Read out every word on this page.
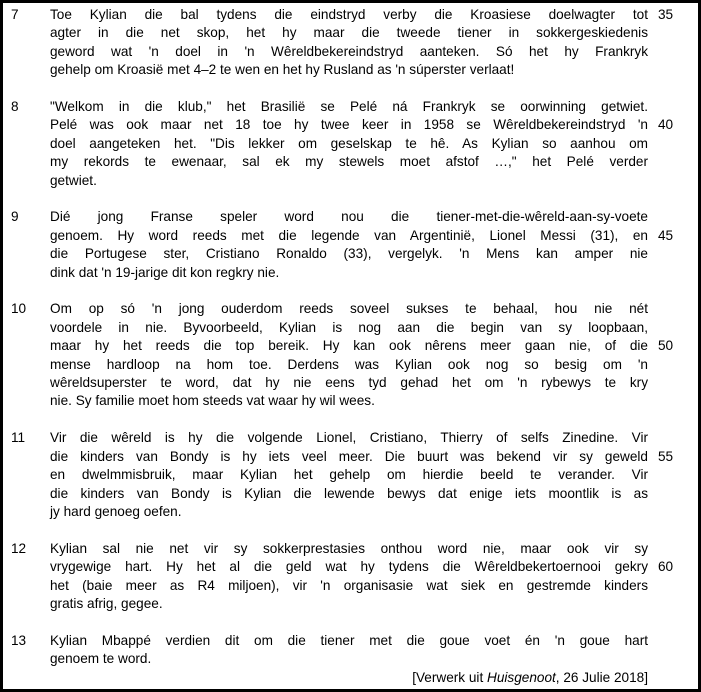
7	Toe Kylian die bal tydens die eindstryd verby die Kroasiese doelwagter tot
agter in die net skop, het hy maar die tweede tiener in sokkergeskiedenis
geword wat 'n doel in 'n Wêreldbekereindstryd aanteken. Só het hy Frankryk
gehelp om Kroasië met 4–2 te wen en het hy Rusland as 'n súperster verlaat!
35
8	"Welkom in die klub," het Brasilië se Pelé ná Frankryk se oorwinning getwiet.
Pelé was ook maar net 18 toe hy twee keer in 1958 se Wêreldbekereindstryd 'n
doel aangeteken het. "Dis lekker om geselskap te hê. As Kylian so aanhou om
my rekords te ewenaar, sal ek my stewels moet afstof …," het Pelé verder
getwiet.
40
9	Dié jong Franse speler word nou die tiener-met-die-wêreld-aan-sy-voete
genoem. Hy word reeds met die legende van Argentinië, Lionel Messi (31), en
die Portugese ster, Cristiano Ronaldo (33), vergelyk. 'n Mens kan amper nie
dink dat 'n 19-jarige dit kon regkry nie.
45
10	Om op só 'n jong ouderdom reeds soveel sukses te behaal, hou nie nét
voordele in nie. Byvoorbeeld, Kylian is nog aan die begin van sy loopbaan,
maar hy het reeds die top bereik. Hy kan ook nêrens meer gaan nie, of die
mense hardloop na hom toe. Derdens was Kylian ook nog so besig om 'n
wêreldsuperster te word, dat hy nie eens tyd gehad het om 'n rybewys te kry
nie. Sy familie moet hom steeds vat waar hy wil wees.
50
11	Vir die wêreld is hy die volgende Lionel, Cristiano, Thierry of selfs Zinedine. Vir
die kinders van Bondy is hy iets veel meer. Die buurt was bekend vir sy geweld
en dwelmmisbruik, maar Kylian het gehelp om hierdie beeld te verander. Vir
die kinders van Bondy is Kylian die lewende bewys dat enige iets moontlik is as
jy hard genoeg oefen.
55
12	Kylian sal nie net vir sy sokkerprestasies onthou word nie, maar ook vir sy
vrygewige hart. Hy het al die geld wat hy tydens die Wêreldbekertoernooi gekry
het (baie meer as R4 miljoen), vir 'n organisasie wat siek en gestremde kinders
gratis afrig, gegee.
60
13	Kylian Mbappé verdien dit om die tiener met die goue voet én 'n goue hart
genoem te word.
[Verwerk uit Huisgenoot, 26 Julie 2018]
